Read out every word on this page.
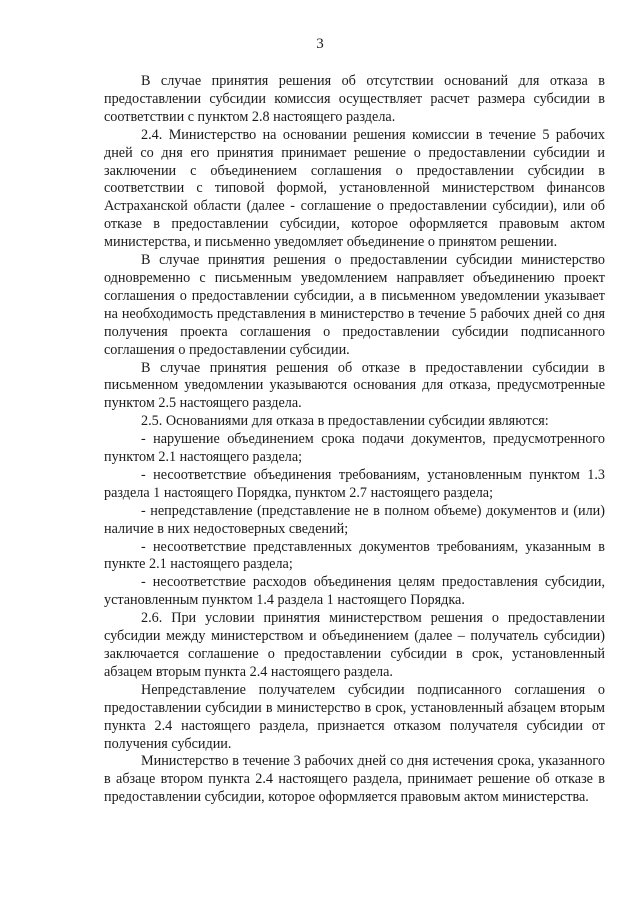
3

В случае принятия решения об отсутствии оснований для отказа в предоставлении субсидии комиссия осуществляет расчет размера субсидии в соответствии с пунктом 2.8 настоящего раздела.

2.4. Министерство на основании решения комиссии в течение 5 рабочих дней со дня его принятия принимает решение о предоставлении субсидии и заключении с объединением соглашения о предоставлении субсидии в соответствии с типовой формой, установленной министерством финансов Астраханской области (далее - соглашение о предоставлении субсидии), или об отказе в предоставлении субсидии, которое оформляется правовым актом министерства, и письменно уведомляет объединение о принятом решении.

В случае принятия решения о предоставлении субсидии министерство одновременно с письменным уведомлением направляет объединению проект соглашения о предоставлении субсидии, а в письменном уведомлении указывает на необходимость представления в министерство в течение 5 рабочих дней со дня получения проекта соглашения о предоставлении субсидии подписанного соглашения о предоставлении субсидии.

В случае принятия решения об отказе в предоставлении субсидии в письменном уведомлении указываются основания для отказа, предусмотренные пунктом 2.5 настоящего раздела.

2.5. Основаниями для отказа в предоставлении субсидии являются:

- нарушение объединением срока подачи документов, предусмотренного пунктом 2.1 настоящего раздела;

- несоответствие объединения требованиям, установленным пунктом 1.3 раздела 1 настоящего Порядка, пунктом 2.7 настоящего раздела;

- непредставление (представление не в полном объеме) документов и (или) наличие в них недостоверных сведений;

- несоответствие представленных документов требованиям, указанным в пункте 2.1 настоящего раздела;

- несоответствие расходов объединения целям предоставления субсидии, установленным пунктом 1.4 раздела 1 настоящего Порядка.

2.6. При условии принятия министерством решения о предоставлении субсидии между министерством и объединением (далее – получатель субсидии) заключается соглашение о предоставлении субсидии в срок, установленный абзацем вторым пункта 2.4 настоящего раздела.

Непредставление получателем субсидии подписанного соглашения о предоставлении субсидии в министерство в срок, установленный абзацем вторым пункта 2.4 настоящего раздела, признается отказом получателя субсидии от получения субсидии.

Министерство в течение 3 рабочих дней со дня истечения срока, указанного в абзаце втором пункта 2.4 настоящего раздела, принимает решение об отказе в предоставлении субсидии, которое оформляется правовым актом министерства.
